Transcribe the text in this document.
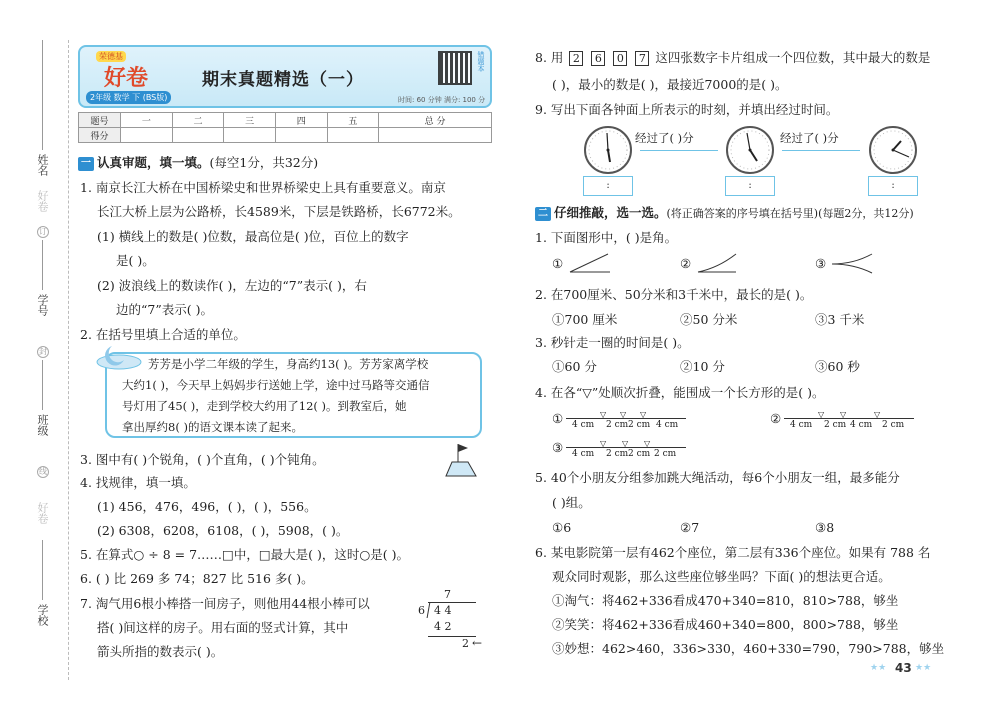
姓名
好卷
订
学号
封
班级
线
好卷
学校
荣德基
好卷
2年级 数学 下 (BS版)
期末真题精选（一）
错题本
时间: 60 分钟 满分: 100 分
题号	一	二	三	四	五	总 分
得分						
一 认真审题，填一填。(每空1分，共32分)
1. 南京长江大桥在中国桥梁史和世界桥梁史上具有重要意义。南京
长江大桥上层为公路桥，长4589米，下层是铁路桥，长6772米。
(1) 横线上的数是( )位数，最高位是( )位，百位上的数字
是( )。
(2) 波浪线上的数读作( )，左边的“7”表示( )，右
边的“7”表示( )。
2. 在括号里填上合适的单位。
芳芳是小学二年级的学生，身高约13( )。芳芳家离学校
大约1( )，今天早上妈妈步行送她上学，途中过马路等交通信
号灯用了45( )，走到学校大约用了12( )。到教室后，她
拿出厚约8( )的语文课本读了起来。
3. 图中有( )个锐角，( )个直角，( )个钝角。
4. 找规律，填一填。
(1) 456，476，496，( )，( )，556。
(2) 6308，6208，6108，( )，5908，( )。
5. 在算式○ ÷ 8 = 7……□中，□最大是( )，这时○是( )。
6. ( ) 比 269 多 74；827 比 516 多( )。
7. 淘气用6根小棒搭一间房子，则他用44根小棒可以
搭( )间这样的房子。用右面的竖式计算，其中
箭头所指的数表示( )。
7
6 4 4
4 2
2 ←
8. 用 2 6 0 7 这四张数字卡片组成一个四位数，其中最大的数是
( )，最小的数是( )，最接近7000的是( )。
9. 写出下面各钟面上所表示的时刻，并填出经过时间。
经过了( )分	经过了( )分
:	:	:
二 仔细推敲，选一选。(将正确答案的序号填在括号里)(每题2分，共12分)
1. 下面图形中，( )是角。
①	②	③
2. 在700厘米、50分米和3千米中，最长的是( )。
①700 厘米	②50 分米	③3 千米
3. 秒针走一圈的时间是( )。
①60 分	②10 分	③60 秒
4. 在各“▽”处顺次折叠，能围成一个长方形的是( )。
①	▽ ▽ ▽
4 cm 2 cm 2 cm 4 cm	②	▽ ▽	▽
4 cm 2 cm 4 cm 2 cm
③	▽ ▽ ▽
4 cm 2 cm 2 cm 2 cm
5. 40个小朋友分组参加跳大绳活动，每6个小朋友一组，最多能分
( )组。
①6	②7	③8
6. 某电影院第一层有462个座位，第二层有336个座位。如果有 788 名
观众同时观影，那么这些座位够坐吗？下面( )的想法更合适。
①淘气：将462+336看成470+340=810，810>788，够坐
②笑笑：将462+336看成460+340=800，800>788，够坐
③妙想：462>460，336>330，460+330=790，790>788，够坐
★★ 43 ★★
